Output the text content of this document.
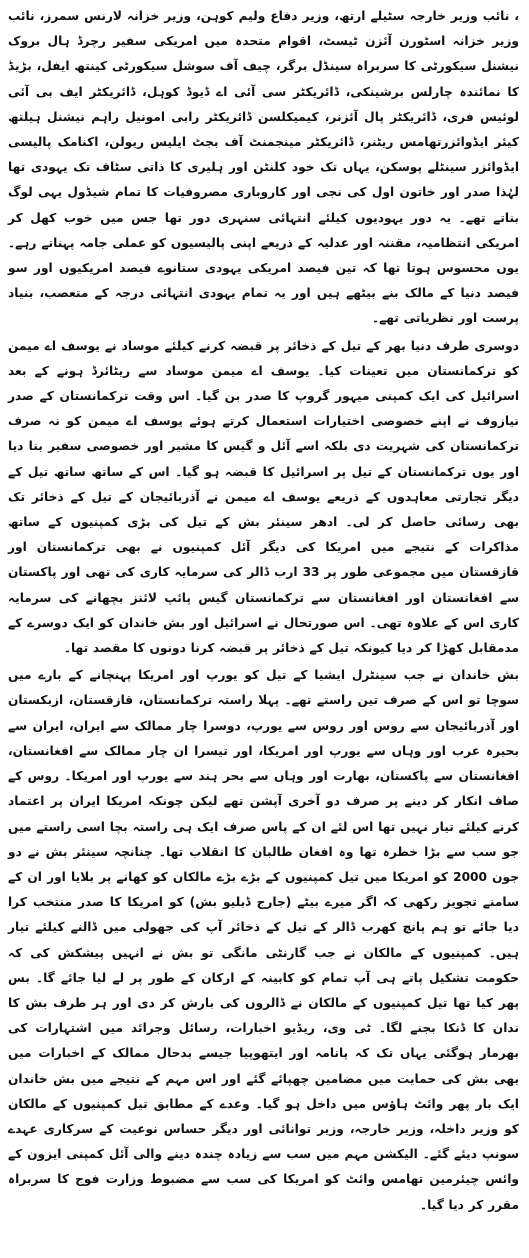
، نائب وزیر خارجہ سٹیلے ارتھ، وزیر دفاع ولیم کوہن، وزیر خزانہ لارنس سمرز، نائب وزیر خزانہ اسٹورن آئزن ٹیسٹ، اقوام متحدہ میں امریکی سفیر رچرڈ ہال بروک نیشنل سیکورٹی کا سربراہ سینڈل برگر، چیف آف سوشل سیکورٹی کینتھ ایفل، بڑیڈ کا نمائندہ چارلس برشینکی، ڈائریکٹر سی آئی اے ڈیوڈ کوہل، ڈائریکٹر ایف بی آئی لوئیس فری، ڈائریکٹر پال آئزنر، کیمیکلسن ڈائریکٹر رابی امونیل راہم نیشنل ہیلتھ کیئر ایڈوائزرتھامس ریٹنر، ڈائریکٹر مینجمنٹ آف بجٹ ایلیس ریولن، اکنامک پالیسی ایڈوائزر سینٹلے پوسکن، یہاں تک خود کلنٹن اور ہلیری کا ذاتی سٹاف تک یہودی تھا لہٰذا صدر اور خاتون اول کی نجی اور کاروباری مصروفیات کا تمام شیڈول یہی لوگ بناتے تھے۔ یہ دور یہودیوں کیلئے انتہائی سنہری دور تھا جس میں خوب کھل کر امریکی انتظامیہ، مقننہ اور عدلیہ کے ذریعے اپنی پالیسیوں کو عملی جامہ پہناتے رہے۔ یوں محسوس ہوتا تھا کہ تین فیصد امریکی یہودی ستانوے فیصد امریکیوں اور سو فیصد دنیا کے مالک بنے بیٹھے ہیں اور یہ تمام یہودی انتہائی درجہ کے متعصب، بنیاد پرست اور نظریاتی تھے۔

دوسری طرف دنیا بھر کے تیل کے ذخائر پر قبضہ کرنے کیلئے موساد نے یوسف اے میمن کو ترکمانستان میں تعینات کیا۔ یوسف اے میمن موساد سے ریٹائرڈ ہونے کے بعد اسرائیل کی ایک کمپنی میہور گروپ کا صدر بن گیا۔ اس وقت ترکمانستان کے صدر نیازوف نے اپنے خصوصی اختیارات استعمال کرتے ہوئے یوسف اے میمن کو نہ صرف ترکمانستان کی شہریت دی بلکہ اسے آئل و گیس کا مشیر اور خصوصی سفیر بنا دیا اور یوں ترکمانستان کے تیل پر اسرائیل کا قبضہ ہو گیا۔ اس کے ساتھ ساتھ تیل کے دیگر تجارتی معاہدوں کے ذریعے یوسف اے میمن نے آذربائیجان کے تیل کے ذخائر تک بھی رسائی حاصل کر لی۔ ادھر سینئر بش کے تیل کی بڑی کمپنیوں کے ساتھ مذاکرات کے نتیجے میں امریکا کی دیگر آئل کمپنیوں نے بھی ترکمانستان اور قازقستان میں مجموعی طور پر 33 ارب ڈالر کی سرمایہ کاری کی تھی اور پاکستان سے افغانستان اور افغانستان سے ترکمانستان گیس پائپ لائنز بچھانے کی سرمایہ کاری اس کے علاوہ تھی۔ اس صورتحال نے اسرائیل اور بش خاندان کو ایک دوسرے کے مدمقابل کھڑا کر دیا کیونکہ تیل کے ذخائر پر قبضہ کرنا دونوں کا مقصد تھا۔

بش خاندان نے جب سینٹرل ایشیا کے تیل کو یورپ اور امریکا پہنچانے کے بارے میں سوچا تو اس کے صرف تین راستے تھے۔ پہلا راستہ ترکمانستان، قازقستان، ازبکستان اور آذربائیجان سے روس اور روس سے یورپ، دوسرا چار ممالک سے ایران، ایران سے بحیرہ عرب اور وہاں سے یورپ اور امریکا، اور تیسرا ان چار ممالک سے افغانستان، افغانستان سے پاکستان، بھارت اور وہاں سے بحر ہند سے یورپ اور امریکا۔ روس کے صاف انکار کر دینے پر صرف دو آخری آپشن تھے لیکن چونکہ امریکا ایران پر اعتماد کرنے کیلئے تیار نہیں تھا اس لئے ان کے پاس صرف ایک ہی راستہ بچا اسی راستے میں جو سب سے بڑا خطرہ تھا وہ افغان طالبان کا انقلاب تھا۔ چنانچہ سینئر بش نے دو جون 2000 کو امریکا میں تیل کمپنیوں کے بڑے بڑے مالکان کو کھانے پر بلایا اور ان کے سامنے تجویز رکھی کہ اگر میرے بیٹے (جارج ڈبلیو بش) کو امریکا کا صدر منتخب کرا دیا جائے تو ہم پانچ کھرب ڈالر کے تیل کے ذخائر آپ کی جھولی میں ڈالنے کیلئے تیار ہیں۔ کمپنیوں کے مالکان نے جب گارنٹی مانگی تو بش نے انہیں پیشکش کی کہ حکومت تشکیل پاتے ہی آپ تمام کو کابینہ کے ارکان کے طور پر لے لیا جائے گا۔ بس پھر کیا تھا تیل کمپنیوں کے مالکان نے ڈالروں کی بارش کر دی اور ہر طرف بش کا ندان کا ڈنکا بجنے لگا۔ ٹی وی، ریڈیو اخبارات، رسائل وجرائد میں اشتہارات کی بھرمار ہوگئی یہاں تک کہ پانامہ اور ایتھوپیا جیسے بدحال ممالک کے اخبارات میں بھی بش کی حمایت میں مضامین چھپائے گئے اور اس مہم کے نتیجے میں بش خاندان ایک بار پھر وائٹ ہاؤس میں داخل ہو گیا۔ وعدے کے مطابق تیل کمپنیوں کے مالکان کو وزیر داخلہ، وزیر خارجہ، وزیر توانائی اور دیگر حساس نوعیت کے سرکاری عہدے سونپ دیئے گئے۔ الیکشن مہم میں سب سے زیادہ چندہ دینے والی آئل کمپنی ایزون کے وائس چیئرمین تھامس وائٹ کو امریکا کی سب سے مضبوط وزارت فوج کا سربراہ مقرر کر دیا گیا۔
